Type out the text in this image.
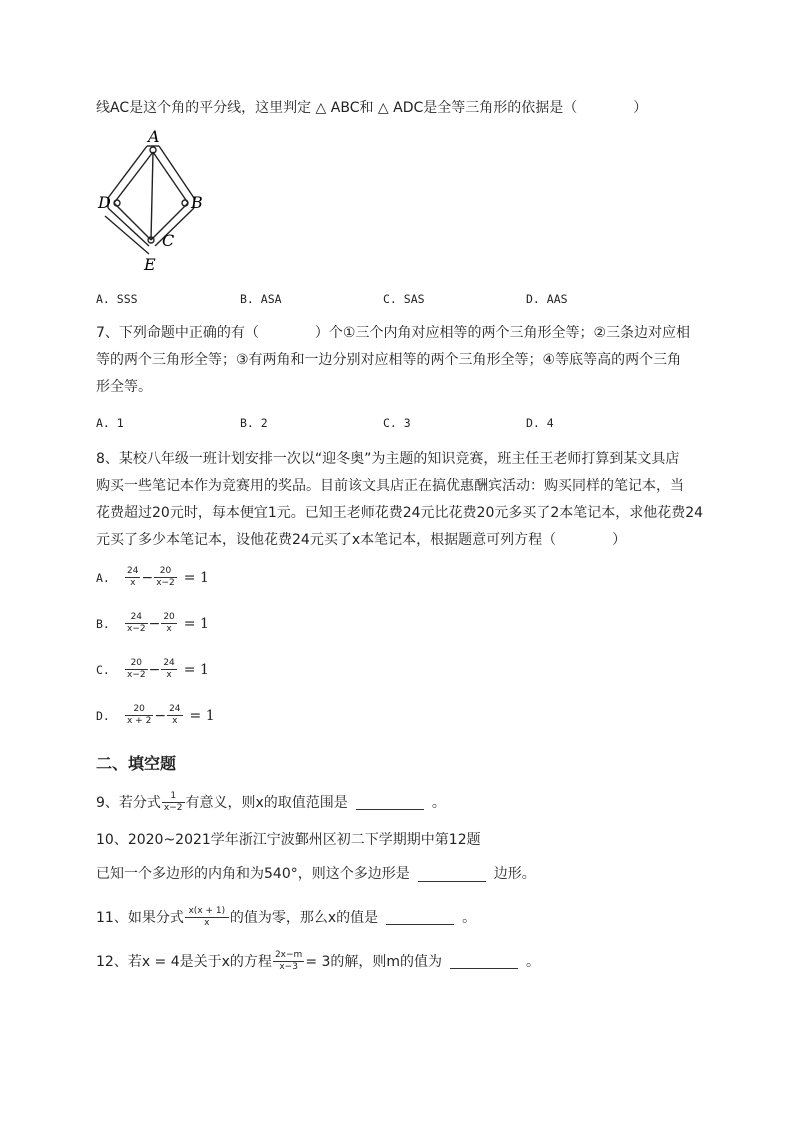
线AC是这个角的平分线，这里判定 △ ABC和 △ ADC是全等三角形的依据是（　　　　）
A
D	B
C
E
A. SSS	B. ASA	C. SAS	D. AAS
7、下列命题中正确的有（　　　　）个①三个内角对应相等的两个三角形全等；②三条边对应相
等的两个三角形全等；③有两角和一边分别对应相等的两个三角形全等；④等底等高的两个三角
形全等。
A. 1	B. 2	C. 3	D. 4
8、某校八年级一班计划安排一次以“迎冬奥”为主题的知识竞赛，班主任王老师打算到某文具店
购买一些笔记本作为竞赛用的奖品。目前该文具店正在搞优惠酬宾活动：购买同样的笔记本，当
花费超过20元时，每本便宜1元。已知王老师花费24元比花费20元多买了2本笔记本，求他花费24
元买了多少本笔记本，设他花费24元买了x本笔记本，根据题意可列方程（　　　　）
A.	$\frac{24}{x} - \frac{20}{x-2} = 1$
B.	$\frac{24}{x-2} - \frac{20}{x} = 1$
C.	$\frac{20}{x-2} - \frac{24}{x} = 1$
D.	$\frac{20}{x + 2} - \frac{24}{x} = 1$
二、填空题
9、若分式 $\frac{1}{x-2}$ 有意义，则x的取值范围是	。
10、2020~2021学年浙江宁波鄞州区初二下学期期中第12题
已知一个多边形的内角和为540°，则这个多边形是	边形。
11、如果分式 $\frac{x(x + 1)}{x}$ 的值为零，那么x的值是	。
12、若x = 4是关于x的方程 $\frac{2x-m}{x-3} = 3$的解，则m的值为	。
